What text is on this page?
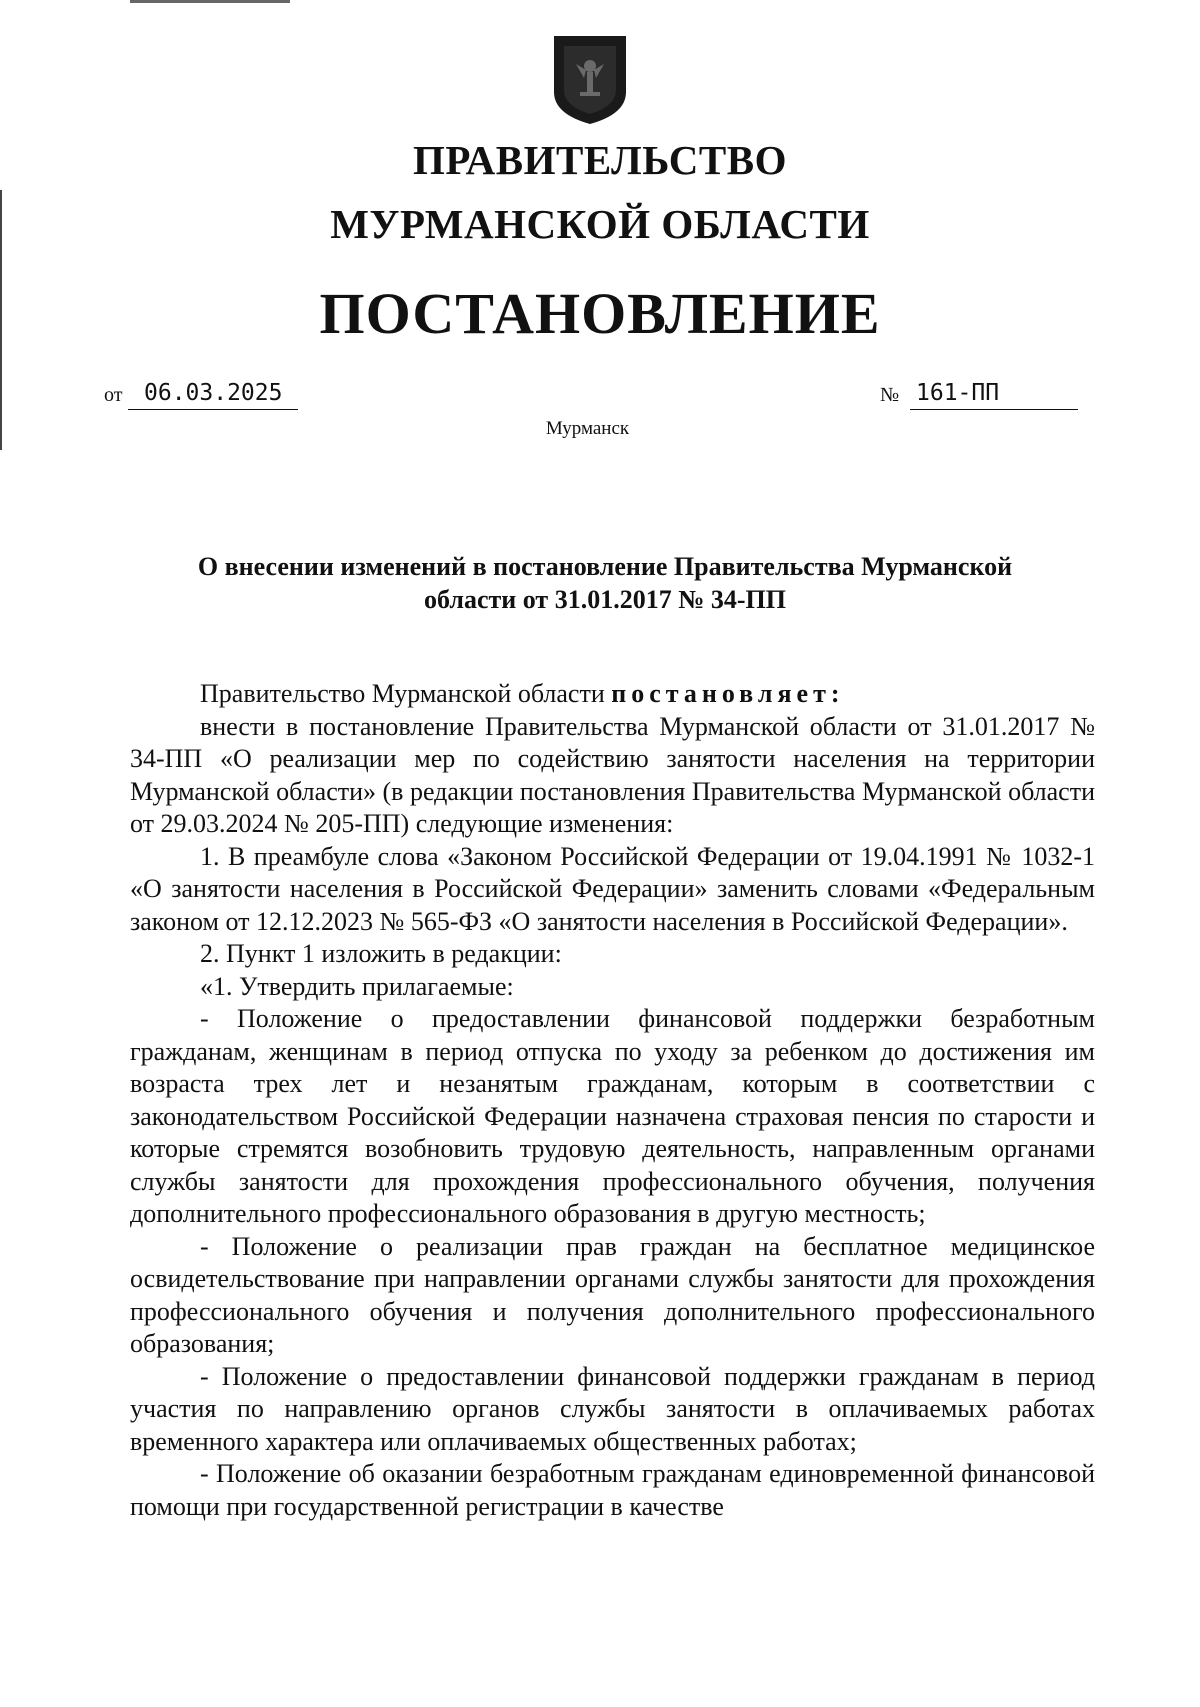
ПРАВИТЕЛЬСТВО
МУРМАНСКОЙ ОБЛАСТИ
ПОСТАНОВЛЕНИЕ
от 06.03.2025	№ 161-ПП
Мурманск
О внесении изменений в постановление Правительства Мурманской
области от 31.01.2017 № 34-ПП

Правительство Мурманской области постановляет:

внести в постановление Правительства Мурманской области от 31.01.2017 № 34-ПП «О реализации мер по содействию занятости населения на территории Мурманской области» (в редакции постановления Правительства Мурманской области от 29.03.2024 № 205-ПП) следующие изменения:

1. В преамбуле слова «Законом Российской Федерации от 19.04.1991 № 1032-1 «О занятости населения в Российской Федерации» заменить словами «Федеральным законом от 12.12.2023 № 565-ФЗ «О занятости населения в Российской Федерации».

2. Пункт 1 изложить в редакции:

«1. Утвердить прилагаемые:

- Положение о предоставлении финансовой поддержки безработным гражданам, женщинам в период отпуска по уходу за ребенком до достижения им возраста трех лет и незанятым гражданам, которым в соответствии с законодательством Российской Федерации назначена страховая пенсия по старости и которые стремятся возобновить трудовую деятельность, направленным органами службы занятости для прохождения профессионального обучения, получения дополнительного профессионального образования в другую местность;

- Положение о реализации прав граждан на бесплатное медицинское освидетельствование при направлении органами службы занятости для прохождения профессионального обучения и получения дополнительного профессионального образования;

- Положение о предоставлении финансовой поддержки гражданам в период участия по направлению органов службы занятости в оплачиваемых работах временного характера или оплачиваемых общественных работах;

- Положение об оказании безработным гражданам единовременной финансовой помощи при государственной регистрации в качестве
